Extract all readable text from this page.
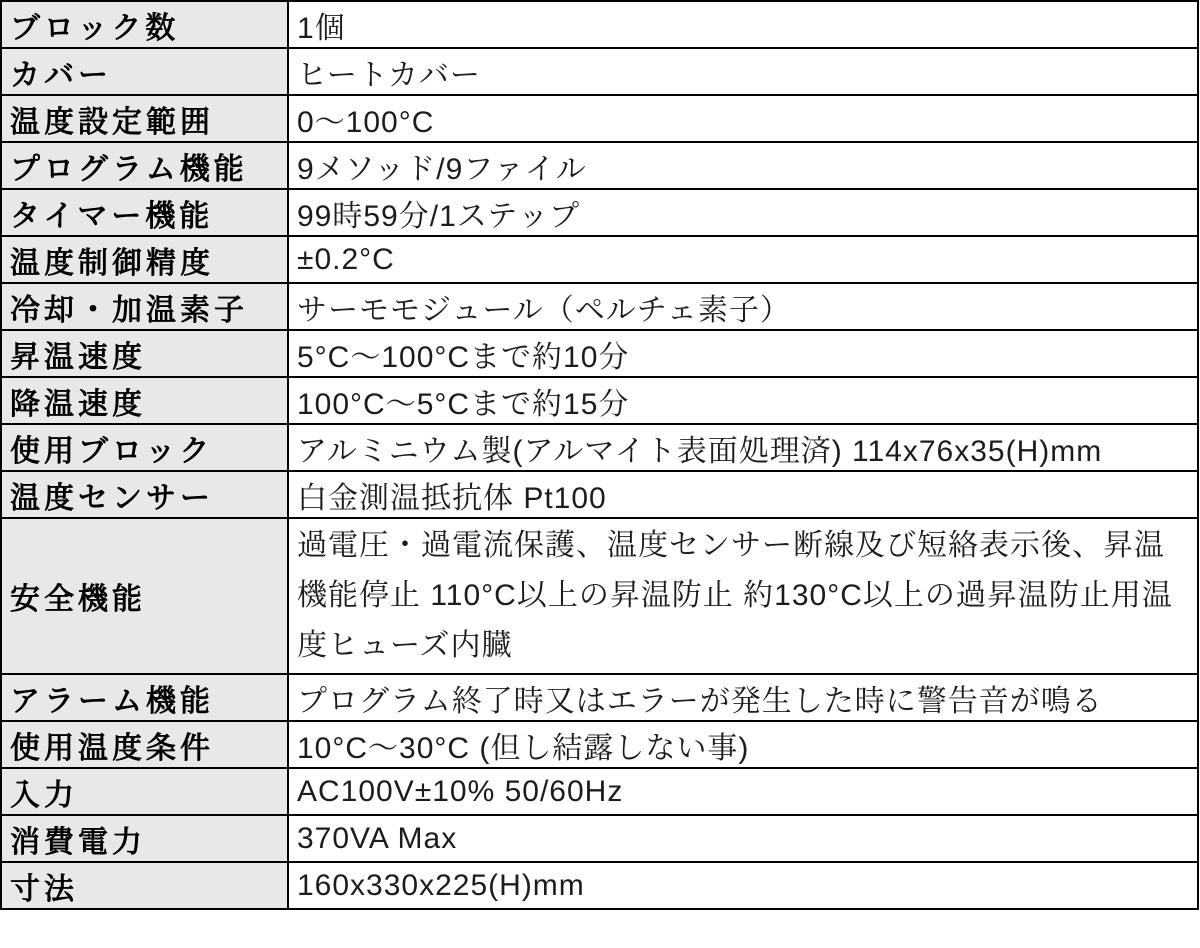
ブロック数	1個
カバー	ヒートカバー
温度設定範囲	0～100°C
プログラム機能	9メソッド/9ファイル
タイマー機能	99時59分/1ステップ
温度制御精度	±0.2°C
冷却・加温素子	サーモモジュール（ペルチェ素子）
昇温速度	5°C～100°Cまで約10分
降温速度	100°C～5°Cまで約15分
使用ブロック	アルミニウム製(アルマイト表面処理済) 114x76x35(H)mm
温度センサー	白金測温抵抗体 Pt100
安全機能	過電圧・過電流保護、温度センサー断線及び短絡表示後、昇温機能停止 110°C以上の昇温防止 約130°C以上の過昇温防止用温度ヒューズ内臓
アラーム機能	プログラム終了時又はエラーが発生した時に警告音が鳴る
使用温度条件	10°C～30°C (但し結露しない事)
入力	AC100V±10% 50/60Hz
消費電力	370VA Max
寸法	160x330x225(H)mm
